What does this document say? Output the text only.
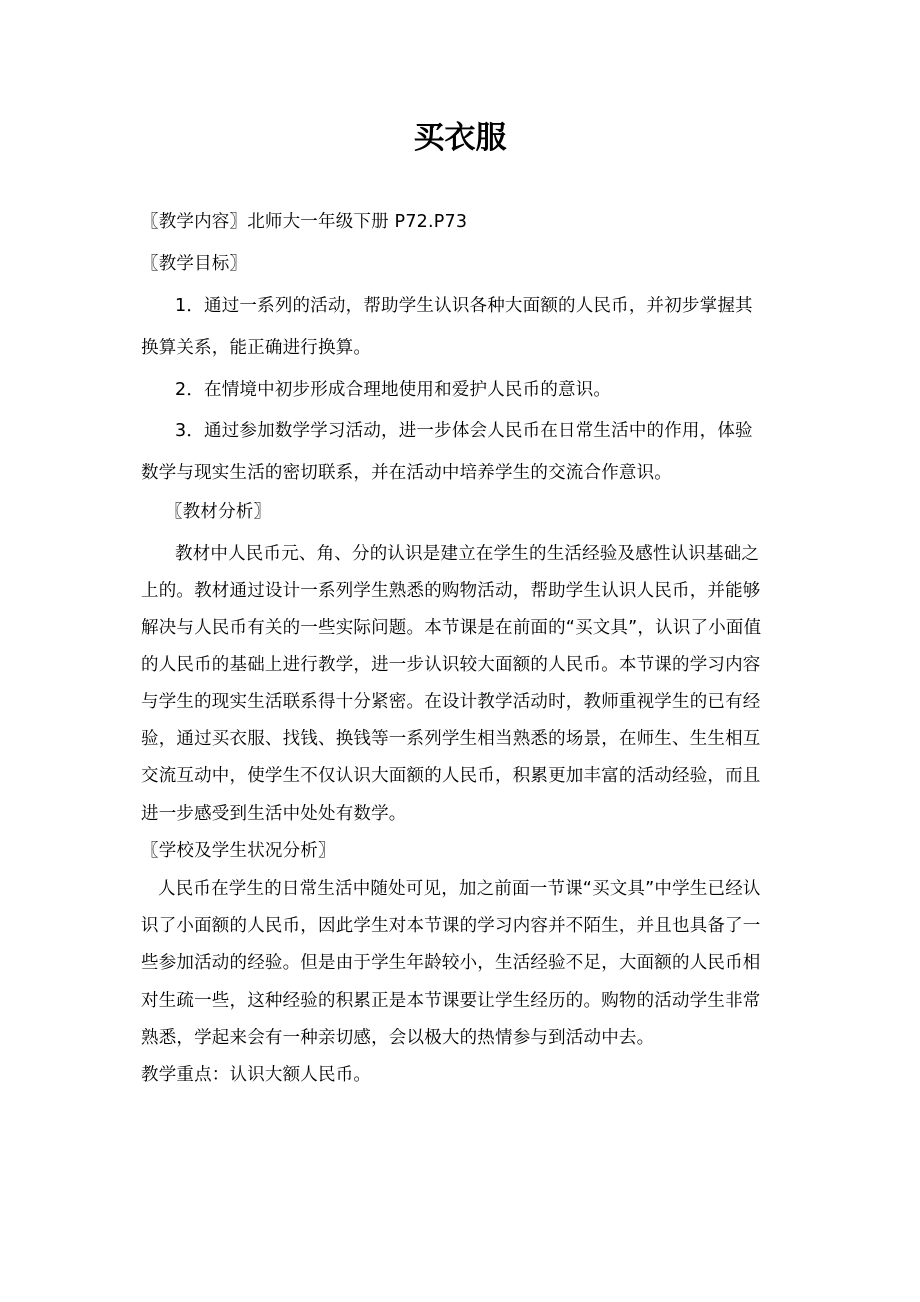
买衣服
〖教学内容〗北师大一年级下册 P72.P73
〖教学目标〗
1．通过一系列的活动，帮助学生认识各种大面额的人民币，并初步掌握其
换算关系，能正确进行换算。
2．在情境中初步形成合理地使用和爱护人民币的意识。
3．通过参加数学学习活动，进一步体会人民币在日常生活中的作用，体验
数学与现实生活的密切联系，并在活动中培养学生的交流合作意识。
〖教材分析〗
教材中人民币元、角、分的认识是建立在学生的生活经验及感性认识基础之
上的。教材通过设计一系列学生熟悉的购物活动，帮助学生认识人民币，并能够
解决与人民币有关的一些实际问题。本节课是在前面的“买文具”，认识了小面值
的人民币的基础上进行教学，进一步认识较大面额的人民币。本节课的学习内容
与学生的现实生活联系得十分紧密。在设计教学活动时，教师重视学生的已有经
验，通过买衣服、找钱、换钱等一系列学生相当熟悉的场景，在师生、生生相互
交流互动中，使学生不仅认识大面额的人民币，积累更加丰富的活动经验，而且
进一步感受到生活中处处有数学。
〖学校及学生状况分析〗
人民币在学生的日常生活中随处可见，加之前面一节课“买文具”中学生已经认
识了小面额的人民币，因此学生对本节课的学习内容并不陌生，并且也具备了一
些参加活动的经验。但是由于学生年龄较小，生活经验不足，大面额的人民币相
对生疏一些，这种经验的积累正是本节课要让学生经历的。购物的活动学生非常
熟悉，学起来会有一种亲切感，会以极大的热情参与到活动中去。
教学重点：认识大额人民币。
